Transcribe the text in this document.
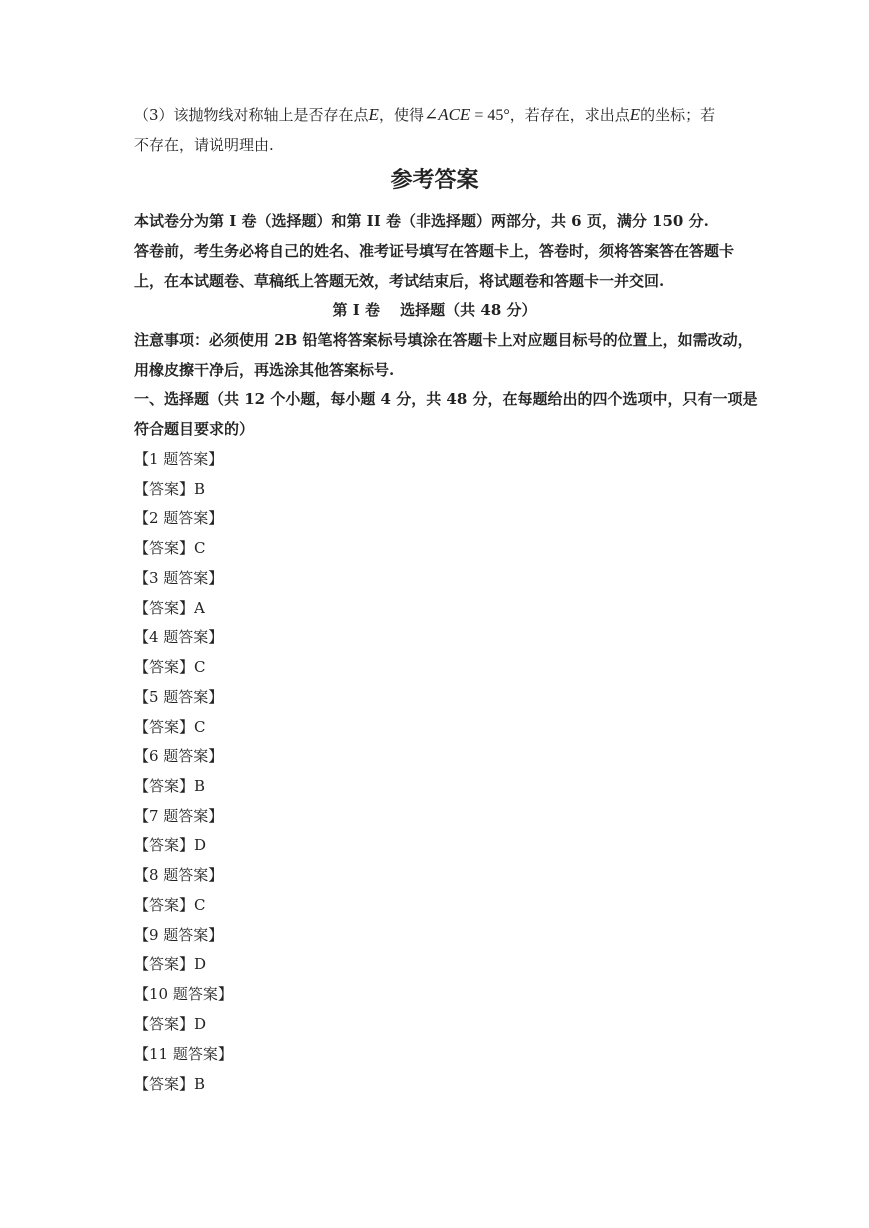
（3）该抛物线对称轴上是否存在点E，使得∠ACE = 45°，若存在，求出点E的坐标；若
不存在，请说明理由.
参考答案
本试卷分为第 I 卷（选择题）和第 II 卷（非选择题）两部分，共 6 页，满分 150 分.
答卷前，考生务必将自己的姓名、准考证号填写在答题卡上，答卷时，须将答案答在答题卡
上，在本试题卷、草稿纸上答题无效，考试结束后，将试题卷和答题卡一并交回.
第 I 卷　 选择题（共 48 分）
注意事项：必须使用 2B 铅笔将答案标号填涂在答题卡上对应题目标号的位置上，如需改动，
用橡皮擦干净后，再选涂其他答案标号.
一、选择题（共 12 个小题，每小题 4 分，共 48 分，在每题给出的四个选项中，只有一项是
符合题目要求的）
【1 题答案】
【答案】B
【2 题答案】
【答案】C
【3 题答案】
【答案】A
【4 题答案】
【答案】C
【5 题答案】
【答案】C
【6 题答案】
【答案】B
【7 题答案】
【答案】D
【8 题答案】
【答案】C
【9 题答案】
【答案】D
【10 题答案】
【答案】D
【11 题答案】
【答案】B
